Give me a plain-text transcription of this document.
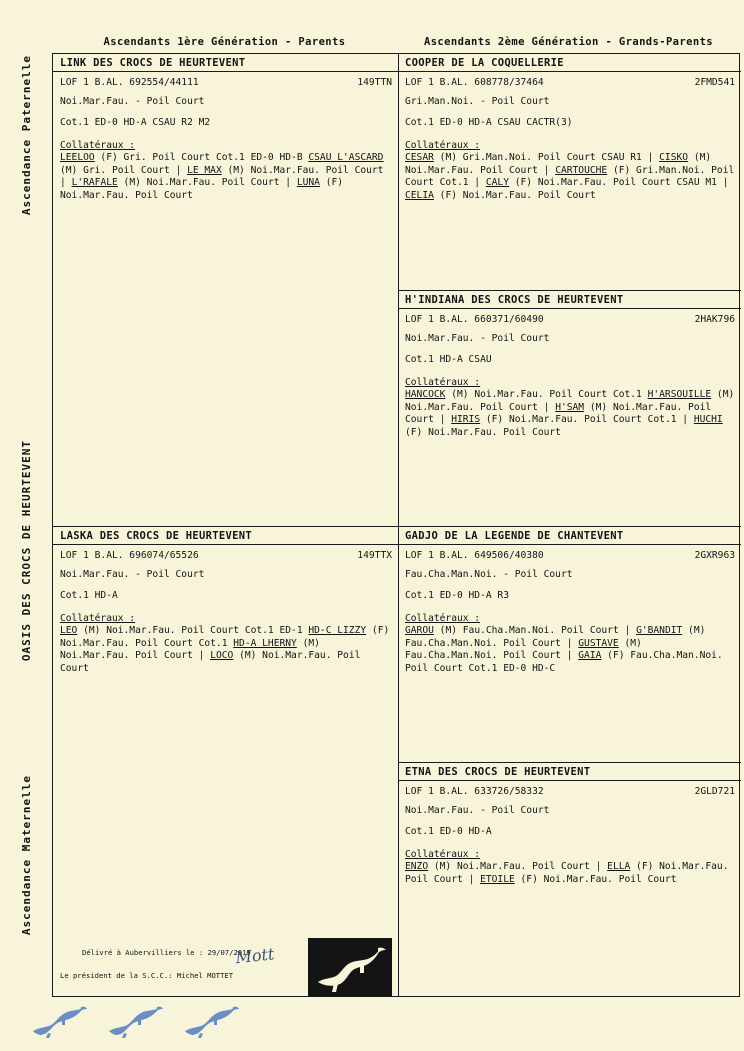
Ascendants 1ère Génération - Parents	Ascendants 2ème Génération - Grands-Parents
Ascendance Paternelle
OASIS DES CROCS DE HEURTEVENT
Ascendance Maternelle
LINK DES CROCS DE HEURTEVENT
LOF 1 B.AL. 692554/44111	149TTN
Noi.Mar.Fau. - Poil Court
Cot.1 ED-0 HD-A CSAU R2 M2
Collatéraux :
LEELOO (F) Gri. Poil Court Cot.1 ED-0 HD-B CSAU L'ASCARD (M) Gri. Poil Court | LE MAX (M) Noi.Mar.Fau. Poil Court | L'RAFALE (M) Noi.Mar.Fau. Poil Court | LUNA (F) Noi.Mar.Fau. Poil Court
COOPER DE LA COQUELLERIE
LOF 1 B.AL. 608778/37464	2FMD541
Gri.Man.Noi. - Poil Court
Cot.1 ED-0 HD-A CSAU CACTR(3)
Collatéraux :
CESAR (M) Gri.Man.Noi. Poil Court CSAU R1 | CISKO (M) Noi.Mar.Fau. Poil Court | CARTOUCHE (F) Gri.Man.Noi. Poil Court Cot.1 | CALY (F) Noi.Mar.Fau. Poil Court CSAU M1 | CELIA (F) Noi.Mar.Fau. Poil Court
H'INDIANA DES CROCS DE HEURTEVENT
LOF 1 B.AL. 660371/60490	2HAK796
Noi.Mar.Fau. - Poil Court
Cot.1 HD-A CSAU
Collatéraux :
HANCOCK (M) Noi.Mar.Fau. Poil Court Cot.1 H'ARSOUILLE (M) Noi.Mar.Fau. Poil Court | H'SAM (M) Noi.Mar.Fau. Poil Court | HIRIS (F) Noi.Mar.Fau. Poil Court Cot.1 | HUCHI (F) Noi.Mar.Fau. Poil Court
LASKA DES CROCS DE HEURTEVENT
LOF 1 B.AL. 696074/65526	149TTX
Noi.Mar.Fau. - Poil Court
Cot.1 HD-A
Collatéraux :
LEO (M) Noi.Mar.Fau. Poil Court Cot.1 ED-1 HD-C LIZZY (F) Noi.Mar.Fau. Poil Court Cot.1 HD-A LHERNY (M) Noi.Mar.Fau. Poil Court | LOCO (M) Noi.Mar.Fau. Poil Court
GADJO DE LA LEGENDE DE CHANTEVENT
LOF 1 B.AL. 649506/40380	2GXR963
Fau.Cha.Man.Noi. - Poil Court
Cot.1 ED-0 HD-A R3
Collatéraux :
GAROU (M) Fau.Cha.Man.Noi. Poil Court | G'BANDIT (M) Fau.Cha.Man.Noi. Poil Court | GUSTAVE (M) Fau.Cha.Man.Noi. Poil Court | GAIA (F) Fau.Cha.Man.Noi. Poil Court Cot.1 ED-0 HD-C
ETNA DES CROCS DE HEURTEVENT
LOF 1 B.AL. 633726/58332	2GLD721
Noi.Mar.Fau. - Poil Court
Cot.1 ED-0 HD-A
Collatéraux :
ENZO (M) Noi.Mar.Fau. Poil Court | ELLA (F) Noi.Mar.Fau. Poil Court | ETOILE (F) Noi.Mar.Fau. Poil Court
Délivré à Aubervilliers le : 29/07/2019
Le président de la S.C.C.: Michel MOTTET
Mott
